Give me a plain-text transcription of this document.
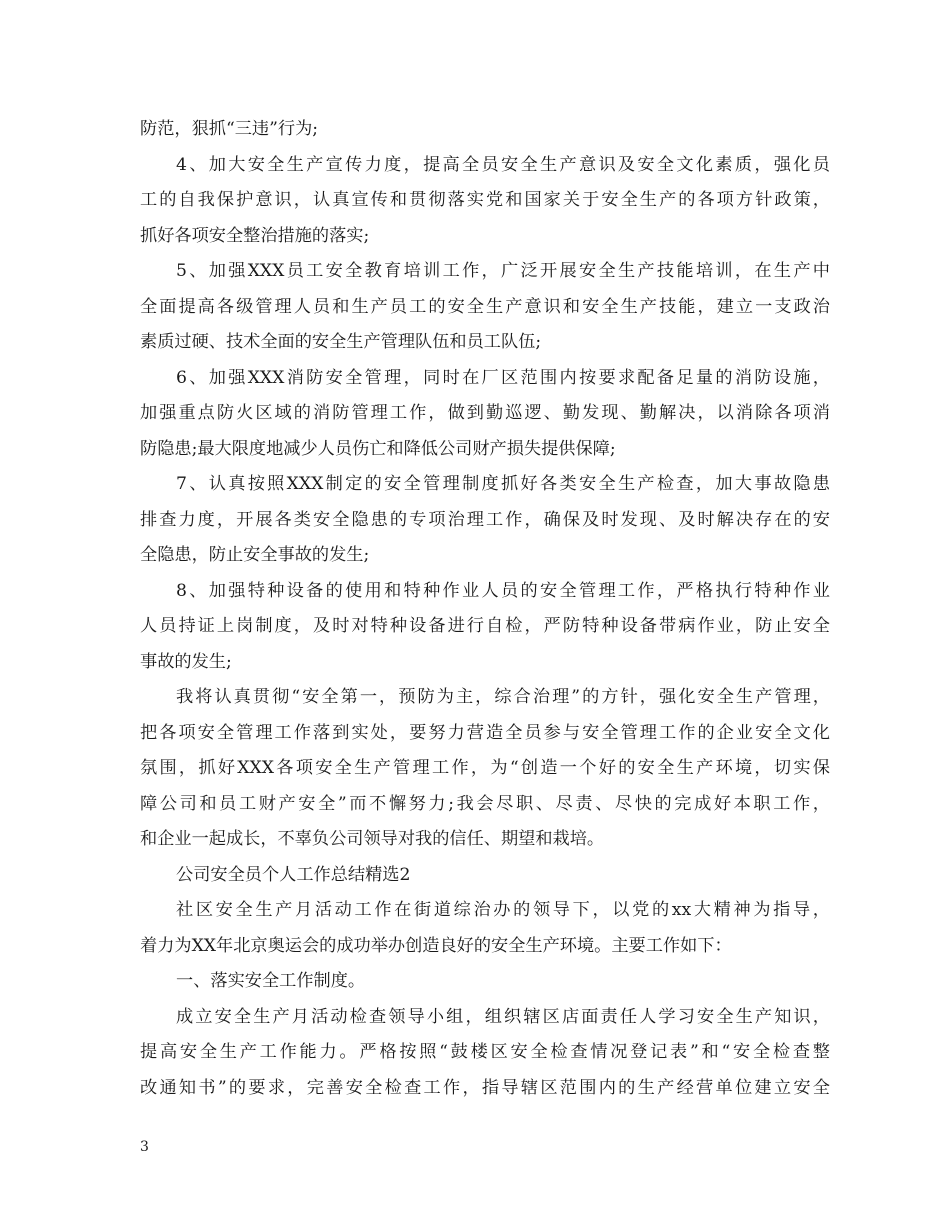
防范，狠抓“三违”行为;
4、加大安全生产宣传力度，提高全员安全生产意识及安全文化素质，强化员
工的自我保护意识，认真宣传和贯彻落实党和国家关于安全生产的各项方针政策，
抓好各项安全整治措施的落实;
5、加强XXX员工安全教育培训工作，广泛开展安全生产技能培训，在生产中
全面提高各级管理人员和生产员工的安全生产意识和安全生产技能，建立一支政治
素质过硬、技术全面的安全生产管理队伍和员工队伍;
6、加强XXX消防安全管理，同时在厂区范围内按要求配备足量的消防设施，
加强重点防火区域的消防管理工作，做到勤巡逻、勤发现、勤解决，以消除各项消
防隐患;最大限度地减少人员伤亡和降低公司财产损失提供保障;
7、认真按照XXX制定的安全管理制度抓好各类安全生产检查，加大事故隐患
排查力度，开展各类安全隐患的专项治理工作，确保及时发现、及时解决存在的安
全隐患，防止安全事故的发生;
8、加强特种设备的使用和特种作业人员的安全管理工作，严格执行特种作业
人员持证上岗制度，及时对特种设备进行自检，严防特种设备带病作业，防止安全
事故的发生;
我将认真贯彻“安全第一，预防为主，综合治理”的方针，强化安全生产管理，
把各项安全管理工作落到实处，要努力营造全员参与安全管理工作的企业安全文化
氛围，抓好XXX各项安全生产管理工作，为“创造一个好的安全生产环境，切实保
障公司和员工财产安全”而不懈努力;我会尽职、尽责、尽快的完成好本职工作，
和企业一起成长，不辜负公司领导对我的信任、期望和栽培。
公司安全员个人工作总结精选2
社区安全生产月活动工作在街道综治办的领导下，以党的xx大精神为指导，
着力为XX年北京奥运会的成功举办创造良好的安全生产环境。主要工作如下：
一、落实安全工作制度。
成立安全生产月活动检查领导小组，组织辖区店面责任人学习安全生产知识，
提高安全生产工作能力。严格按照“鼓楼区安全检查情况登记表”和“安全检查整
改通知书”的要求，完善安全检查工作，指导辖区范围内的生产经营单位建立安全
3
